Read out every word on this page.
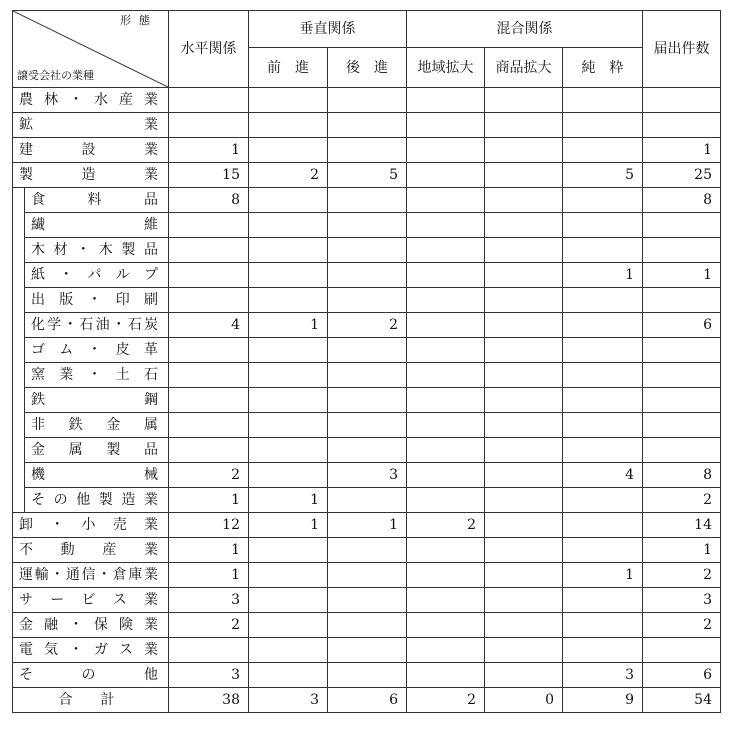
形態
譲受会社の業種		水平関係	垂直関係		混合関係			届出件数
			前　進	後　進	地域拡大	商品拡大	純　粋	
農林・水産業								
鉱業								
建設業		1						1
製造業		15	2	5			5	25
	食料品	8						8
	繊維							
	木材・木製品							
	紙・パルプ						1	1
	出版・印刷							
	化学・石油・石炭	4	1	2				6
	ゴム・皮革							
	窯業・土石							
	鉄鋼							
	非鉄金属							
	金属製品							
	機械	2		3			4	8
	その他製造業	1	1					2
卸・小売業		12	1	1	2			14
不動産業		1						1
運輸・通信・倉庫業		1					1	2
サービス業		3						3
金融・保険業		2						2
電気・ガス業								
その他		3					3	6
合計		38	3	6	2	0	9	54
